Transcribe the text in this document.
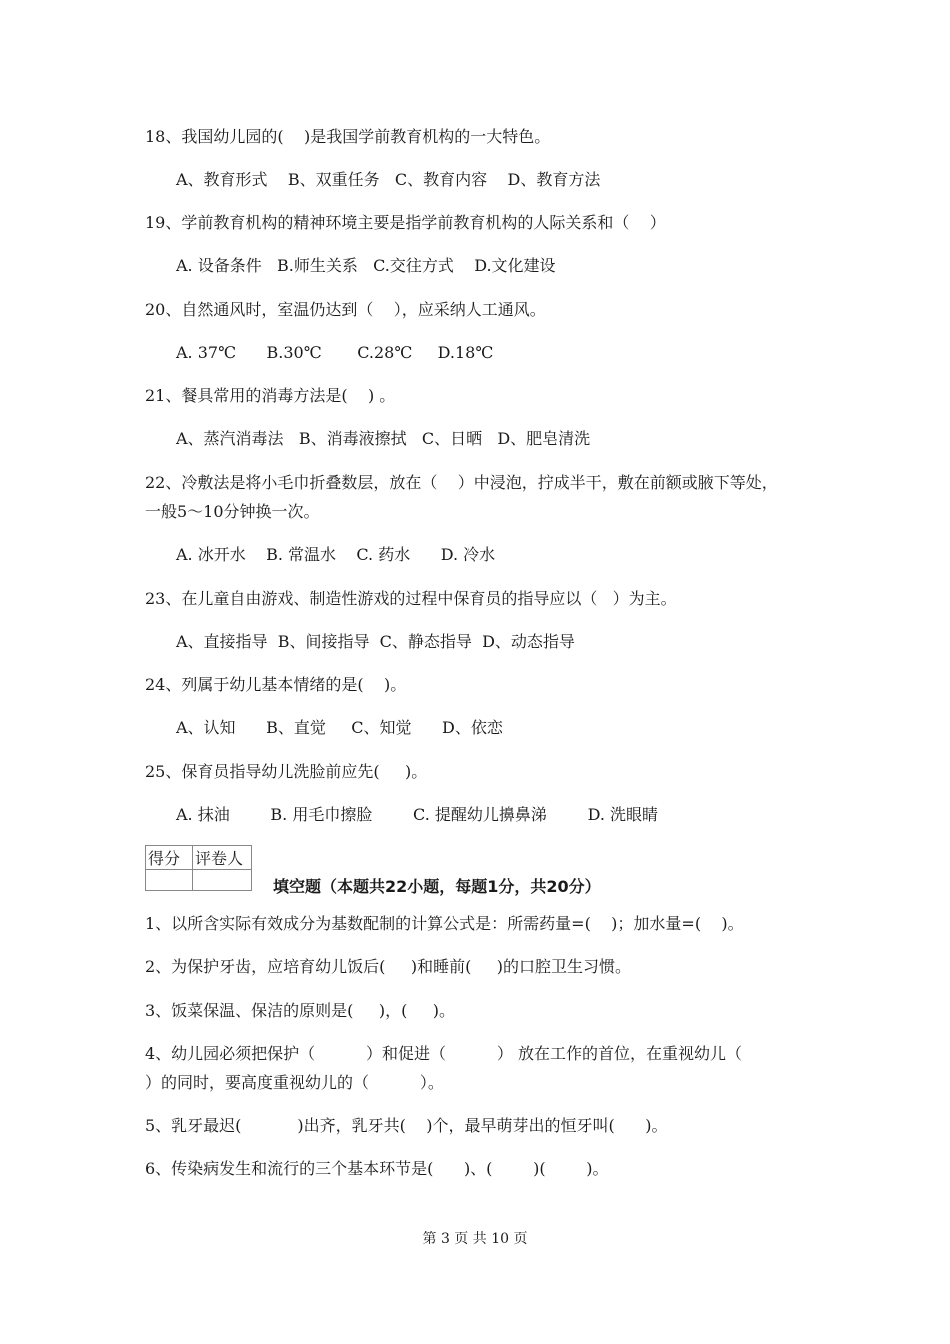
18、我国幼儿园的(    )是我国学前教育机构的一大特色。
A、教育形式    B、双重任务   C、教育内容    D、教育方法
19、学前教育机构的精神环境主要是指学前教育机构的人际关系和（    ）
A. 设备条件   B.师生关系   C.交往方式    D.文化建设
20、自然通风时，室温仍达到（    ），应采纳人工通风。
A. 37℃      B.30℃       C.28℃     D.18℃
21、餐具常用的消毒方法是(    ) 。
A、蒸汽消毒法   B、消毒液擦拭   C、日晒   D、肥皂清洗
22、冷敷法是将小毛巾折叠数层，放在（    ）中浸泡，拧成半干，敷在前额或腋下等处，
一般5～10分钟换一次。
A. 冰开水    B. 常温水    C. 药水      D. 冷水
23、在儿童自由游戏、制造性游戏的过程中保育员的指导应以（   ）为主。
A、直接指导  B、间接指导  C、静态指导  D、动态指导
24、列属于幼儿基本情绪的是(    )。
A、认知      B、直觉     C、知觉      D、依恋
25、保育员指导幼儿洗脸前应先(     )。
A. 抹油        B. 用毛巾擦脸        C. 提醒幼儿擤鼻涕        D. 洗眼睛
得分	评卷人

填空题（本题共22小题，每题1分，共20分）
1、以所含实际有效成分为基数配制的计算公式是：所需药量=(    )；加水量=(    )。
2、为保护牙齿，应培育幼儿饭后(     )和睡前(     )的口腔卫生习惯。
3、饭菜保温、保洁的原则是(     )，(     )。
4、幼儿园必须把保护（          ）和促进（          ） 放在工作的首位，在重视幼儿（
）的同时，要高度重视幼儿的（          ）。
5、乳牙最迟(           )出齐，乳牙共(    )个，最早萌芽出的恒牙叫(      )。
6、传染病发生和流行的三个基本环节是(      )、(        )(        )。
第 3 页 共 10 页
